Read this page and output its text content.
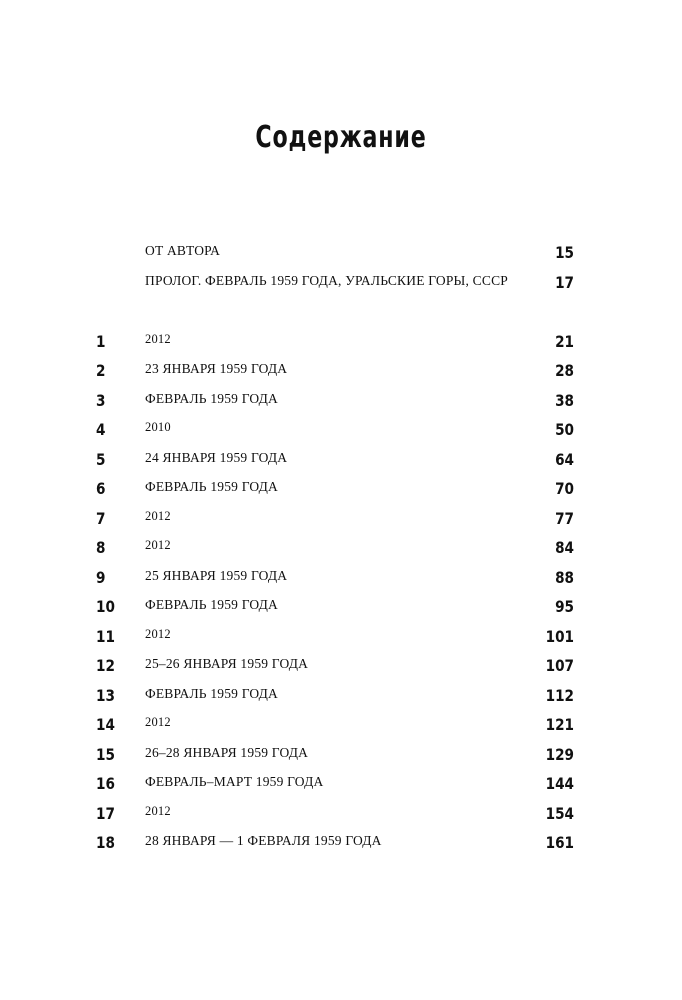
Содержание
ОТ АВТОРА	15
ПРОЛОГ. ФЕВРАЛЬ 1959 ГОДА, УРАЛЬСКИЕ ГОРЫ, СССР	17
1	2012	21
2	23 ЯНВАРЯ 1959 ГОДА	28
3	ФЕВРАЛЬ 1959 ГОДА	38
4	2010	50
5	24 ЯНВАРЯ 1959 ГОДА	64
6	ФЕВРАЛЬ 1959 ГОДА	70
7	2012	77
8	2012	84
9	25 ЯНВАРЯ 1959 ГОДА	88
10	ФЕВРАЛЬ 1959 ГОДА	95
11	2012	101
12	25–26 ЯНВАРЯ 1959 ГОДА	107
13	ФЕВРАЛЬ 1959 ГОДА	112
14	2012	121
15	26–28 ЯНВАРЯ 1959 ГОДА	129
16	ФЕВРАЛЬ–МАРТ 1959 ГОДА	144
17	2012	154
18	28 ЯНВАРЯ — 1 ФЕВРАЛЯ 1959 ГОДА	161
